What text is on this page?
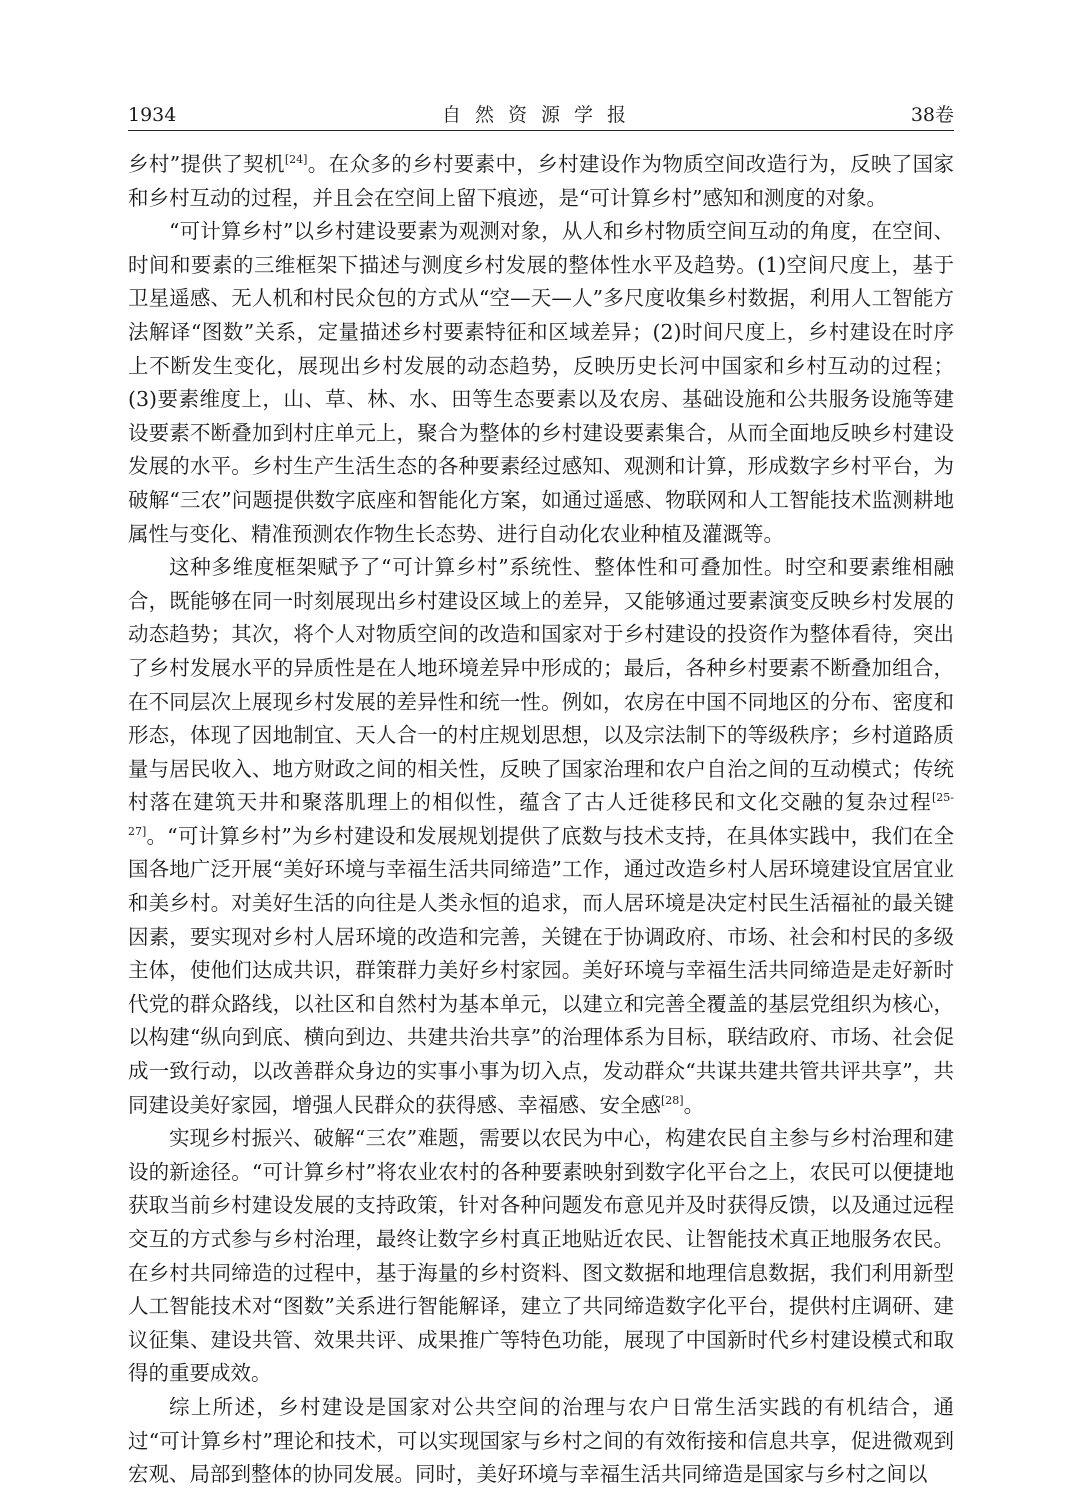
1934	自然资源学报	38卷

乡村”提供了契机[24]。在众多的乡村要素中，乡村建设作为物质空间改造行为，反映了国家和乡村互动的过程，并且会在空间上留下痕迹，是“可计算乡村”感知和测度的对象。

“可计算乡村”以乡村建设要素为观测对象，从人和乡村物质空间互动的角度，在空间、时间和要素的三维框架下描述与测度乡村发展的整体性水平及趋势。(1)空间尺度上，基于卫星遥感、无人机和村民众包的方式从“空—天—人”多尺度收集乡村数据，利用人工智能方法解译“图数”关系，定量描述乡村要素特征和区域差异；(2)时间尺度上，乡村建设在时序上不断发生变化，展现出乡村发展的动态趋势，反映历史长河中国家和乡村互动的过程；(3)要素维度上，山、草、林、水、田等生态要素以及农房、基础设施和公共服务设施等建设要素不断叠加到村庄单元上，聚合为整体的乡村建设要素集合，从而全面地反映乡村建设发展的水平。乡村生产生活生态的各种要素经过感知、观测和计算，形成数字乡村平台，为破解“三农”问题提供数字底座和智能化方案，如通过遥感、物联网和人工智能技术监测耕地属性与变化、精准预测农作物生长态势、进行自动化农业种植及灌溉等。

这种多维度框架赋予了“可计算乡村”系统性、整体性和可叠加性。时空和要素维相融合，既能够在同一时刻展现出乡村建设区域上的差异，又能够通过要素演变反映乡村发展的动态趋势；其次，将个人对物质空间的改造和国家对于乡村建设的投资作为整体看待，突出了乡村发展水平的异质性是在人地环境差异中形成的；最后，各种乡村要素不断叠加组合，在不同层次上展现乡村发展的差异性和统一性。例如，农房在中国不同地区的分布、密度和形态，体现了因地制宜、天人合一的村庄规划思想，以及宗法制下的等级秩序；乡村道路质量与居民收入、地方财政之间的相关性，反映了国家治理和农户自治之间的互动模式；传统村落在建筑天井和聚落肌理上的相似性，蕴含了古人迁徙移民和文化交融的复杂过程[25-27]。“可计算乡村”为乡村建设和发展规划提供了底数与技术支持，在具体实践中，我们在全国各地广泛开展“美好环境与幸福生活共同缔造”工作，通过改造乡村人居环境建设宜居宜业和美乡村。对美好生活的向往是人类永恒的追求，而人居环境是决定村民生活福祉的最关键因素，要实现对乡村人居环境的改造和完善，关键在于协调政府、市场、社会和村民的多级主体，使他们达成共识，群策群力美好乡村家园。美好环境与幸福生活共同缔造是走好新时代党的群众路线，以社区和自然村为基本单元，以建立和完善全覆盖的基层党组织为核心，以构建“纵向到底、横向到边、共建共治共享”的治理体系为目标，联结政府、市场、社会促成一致行动，以改善群众身边的实事小事为切入点，发动群众“共谋共建共管共评共享”，共同建设美好家园，增强人民群众的获得感、幸福感、安全感[28]。

实现乡村振兴、破解“三农”难题，需要以农民为中心，构建农民自主参与乡村治理和建设的新途径。“可计算乡村”将农业农村的各种要素映射到数字化平台之上，农民可以便捷地获取当前乡村建设发展的支持政策，针对各种问题发布意见并及时获得反馈，以及通过远程交互的方式参与乡村治理，最终让数字乡村真正地贴近农民、让智能技术真正地服务农民。在乡村共同缔造的过程中，基于海量的乡村资料、图文数据和地理信息数据，我们利用新型人工智能技术对“图数”关系进行智能解译，建立了共同缔造数字化平台，提供村庄调研、建议征集、建设共管、效果共评、成果推广等特色功能，展现了中国新时代乡村建设模式和取得的重要成效。

综上所述，乡村建设是国家对公共空间的治理与农户日常生活实践的有机结合，通过“可计算乡村”理论和技术，可以实现国家与乡村之间的有效衔接和信息共享，促进微观到宏观、局部到整体的协同发展。同时，美好环境与幸福生活共同缔造是国家与乡村之间以
